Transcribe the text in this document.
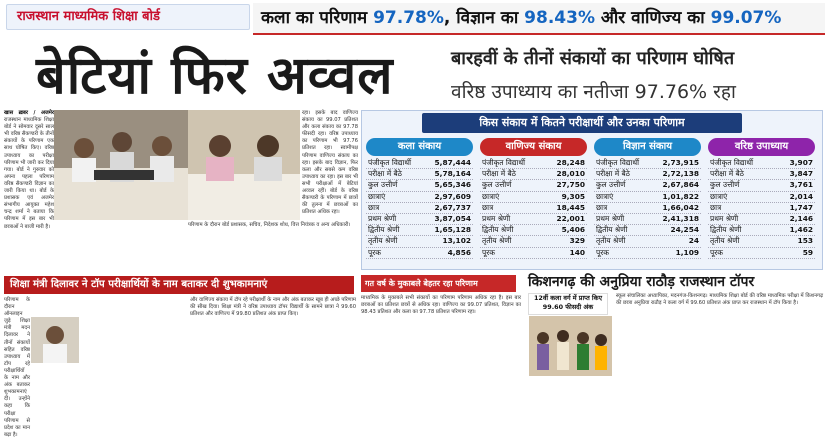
राजस्थान माध्यमिक शिक्षा बोर्ड	कला का परिणाम 97.78%, विज्ञान का 98.43% और वाणिज्य का 99.07%
बेटियां फिर अव्वल	बारहवीं के तीनों संकायों का परिणाम घोषित
वरिष्ठ उपाध्याय का नतीजा 97.76% रहा
खास ख़बर / अजमेर राजस्थान माध्यमिक शिक्षा बोर्ड ने सोमवार दूसरे साल भी वरिष्ठ सैकण्डरी के तीनों संकायों के परिणाम एक साथ घोषित किए। वरिष्ठ उपाध्याय का परीक्षा परिणाम भी जारी कर दिया गया। बोर्ड ने गुरुवार को अपना पहला परिणाम वरिष्ठ सैकण्डरी विज्ञान का जारी किया था। बोर्ड के प्रशासक एवं अजमेर संभागीय आयुक्त महेश चन्द्र शर्मा ने बताया कि परिणाम में इस बार भी छात्राओं ने बाजी मारी है।
रहा। इसके बाद वाणिज्य संकाय का 99.07 प्रतिशत और कला संकाय का 97.78 फीसदी रहा। वरिष्ठ उपाध्याय का परिणाम भी 97.76 प्रतिशत रहा। स्वामीपक्ष परिणाम वाणिज्य संकाय का रहा। इसके बाद विज्ञान, फिर कला और सबसे कम वरिष्ठ उपाध्याय का रहा। इस बार भी सभी परीक्षाओं में बेटियां अव्वल रहीं। बोर्ड के वरिष्ठ सैकण्डरी के परिणाम में छात्रों की तुलना में छात्राओं का प्रतिशत अधिक रहा।
परिणाम के दौरान बोर्ड प्रशासक, सचिव, निदेशक शोध, वित्त नियंत्रक व अन्य अधिकारी।
किस संकाय में कितने परीक्षार्थी और उनका परिणाम
कला संकाय
पंजीकृत विद्यार्थी	5,87,444
परीक्षा में बैठे	5,78,164
कुल उत्तीर्ण	5,65,346
छात्राएं	2,97,609
छात्र	2,67,737
प्रथम श्रेणी	3,87,054
द्वितीय श्रेणी	1,65,128
तृतीय श्रेणी	13,102
पूरक	4,856
वाणिज्य संकाय
पंजीकृत विद्यार्थी	28,248
परीक्षा में बैठे	28,010
कुल उत्तीर्ण	27,750
छात्राएं	9,305
छात्र	18,445
प्रथम श्रेणी	22,001
द्वितीय श्रेणी	5,406
तृतीय श्रेणी	329
पूरक	140
विज्ञान संकाय
पंजीकृत विद्यार्थी	2,73,915
परीक्षा में बैठे	2,72,138
कुल उत्तीर्ण	2,67,864
छात्राएं	1,01,822
छात्र	1,66,042
प्रथम श्रेणी	2,41,318
द्वितीय श्रेणी	24,254
तृतीय श्रेणी	24
पूरक	1,109
वरिष्ठ उपाध्याय
पंजीकृत विद्यार्थी	3,907
परीक्षा में बैठे	3,847
कुल उत्तीर्ण	3,761
छात्राएं	2,014
छात्र	1,747
प्रथम श्रेणी	2,146
द्वितीय श्रेणी	1,462
तृतीय श्रेणी	153
पूरक	59
शिक्षा मंत्री दिलावर ने टॉप परीक्षार्थियों के नाम बताकर दी शुभकामनाएं
परिणाम के दौरान ऑनलाइन जुड़े शिक्षा मंत्री मदन दिलावर ने तीनों संकायों सहित वरिष्ठ उपाध्याय में टॉप रहे परीक्षार्थियों के नाम और अंक बताकर शुभकामनाएं दीं। उन्होंने कहा कि परीक्षा परिणाम से प्रदेश का मान बढ़ा है।
और वाणिज्य संकाय में टॉप रहे परीक्षार्थी के नाम और अंक बताकर खूब ही अच्छे परिणाम की सीख दिया। शिक्षा मंत्री ने वरिष्ठ उपाध्याय टॉपर विद्यार्थी के सामने छात्रा ने 99.60 प्रतिशत और वाणिज्य में 99.80 प्रतिशत अंक प्राप्त किए।
गत वर्ष के मुकाबले बेहतर रहा परिणाम
माध्यमिक के मुकाबले सभी संकायों का परिणाम परिणाम अधिक रहा है। इस बार छात्राओं का प्रतिशत छात्रों से अधिक रहा। वाणिज्य का 99.07 प्रतिशत, विज्ञान का 98.43 प्रतिशत और कला का 97.78 प्रतिशत परिणाम रहा।
किशनगढ़ की अनुप्रिया राठौड़ राजस्थान टॉपर
12वीं कला वर्ग में प्राप्त किए 99.60 फीसदी अंक
स्कूल संचालिका अध्यापिका, मदनगंज-किशनगढ़। माध्यमिक शिक्षा बोर्ड की वरिष्ठ माध्यमिक परीक्षा में किशनगढ़ की छात्रा अनुप्रिया राठौड़ ने कला वर्ग में 99.60 प्रतिशत अंक प्राप्त कर राजस्थान में टॉप किया है।
